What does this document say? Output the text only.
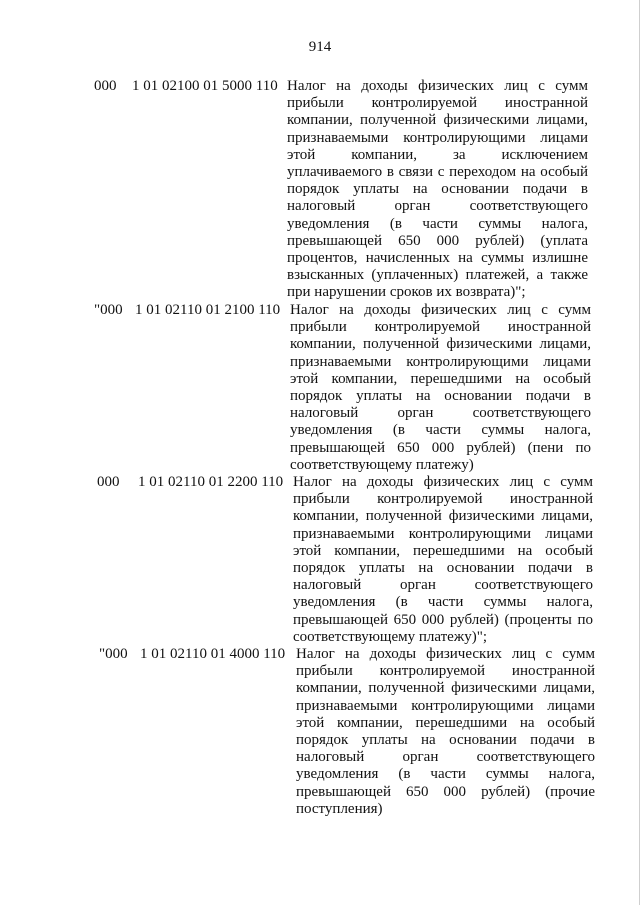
914
000 1 01 02100 01 5000 110 Налог на доходы физических лиц с сумм прибыли контролируемой иностранной компании, полученной физическими лицами, признаваемыми контролирующими лицами этой компании, за исключением уплачиваемого в связи с переходом на особый порядок уплаты на основании подачи в налоговый орган соответствующего уведомления (в части суммы налога, превышающей 650 000 рублей) (уплата процентов, начисленных на суммы излишне взысканных (уплаченных) платежей, а также при нарушении сроков их возврата)";

"000 1 01 02110 01 2100 110 Налог на доходы физических лиц с сумм прибыли контролируемой иностранной компании, полученной физическими лицами, признаваемыми контролирующими лицами этой компании, перешедшими на особый порядок уплаты на основании подачи в налоговый орган соответствующего уведомления (в части суммы налога, превышающей 650 000 рублей) (пени по соответствующему платежу)

000 1 01 02110 01 2200 110 Налог на доходы физических лиц с сумм прибыли контролируемой иностранной компании, полученной физическими лицами, признаваемыми контролирующими лицами этой компании, перешедшими на особый порядок уплаты на основании подачи в налоговый орган соответствующего уведомления (в части суммы налога, превышающей 650 000 рублей) (проценты по соответствующему платежу)";

"000 1 01 02110 01 4000 110 Налог на доходы физических лиц с сумм прибыли контролируемой иностранной компании, полученной физическими лицами, признаваемыми контролирующими лицами этой компании, перешедшими на особый порядок уплаты на основании подачи в налоговый орган соответствующего уведомления (в части суммы налога, превышающей 650 000 рублей) (прочие поступления)
